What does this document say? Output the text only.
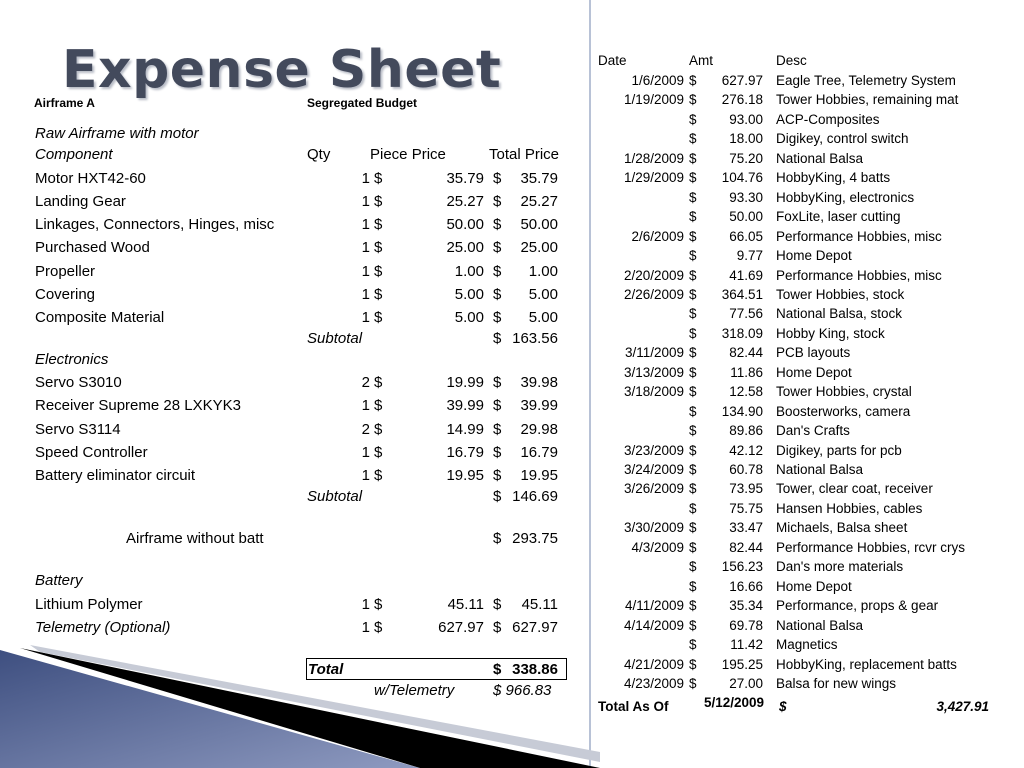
Expense Sheet
Airframe A	Segregated Budget
Raw Airframe with motor
Component	Qty	Piece Price	Total Price
Motor HXT42-60	1 $	35.79 $	35.79
Landing Gear	1 $	25.27 $	25.27
Linkages, Connectors, Hinges, misc	1 $	50.00 $	50.00
Purchased Wood	1 $	25.00 $	25.00
Propeller	1 $	1.00 $	1.00
Covering	1 $	5.00 $	5.00
Composite Material	1 $	5.00 $	5.00
Subtotal	$ 163.56
Electronics
Servo S3010	2 $	19.99 $	39.98
Receiver Supreme 28 LXKYK3	1 $	39.99 $	39.99
Servo S3114	2 $	14.99 $	29.98
Speed Controller	1 $	16.79 $	16.79
Battery eliminator circuit	1 $	19.95 $	19.95
Subtotal	$ 146.69
Airframe without batt	$ 293.75
Battery
Lithium Polymer	1 $	45.11 $	45.11
Telemetry (Optional)	1 $	627.97 $ 627.97
Total	$ 338.86
w/Telemetry	$ 966.83
Date	Amt	Desc
1/6/2009 $	627.97 Eagle Tree, Telemetry System
1/19/2009 $	276.18 Tower Hobbies, remaining mat
$	93.00 ACP-Composites
$	18.00 Digikey, control switch
1/28/2009 $	75.20 National Balsa
1/29/2009 $	104.76 HobbyKing, 4 batts
$	93.30 HobbyKing, electronics
$	50.00 FoxLite, laser cutting
2/6/2009 $	66.05 Performance Hobbies, misc
$	9.77 Home Depot
2/20/2009 $	41.69 Performance Hobbies, misc
2/26/2009 $	364.51 Tower Hobbies, stock
$	77.56 National Balsa, stock
$	318.09 Hobby King, stock
3/11/2009 $	82.44 PCB layouts
3/13/2009 $	11.86 Home Depot
3/18/2009 $	12.58 Tower Hobbies, crystal
$	134.90 Boosterworks, camera
$	89.86 Dan's Crafts
3/23/2009 $	42.12 Digikey, parts for pcb
3/24/2009 $	60.78 National Balsa
3/26/2009 $	73.95 Tower, clear coat, receiver
$	75.75 Hansen Hobbies, cables
3/30/2009 $	33.47 Michaels, Balsa sheet
4/3/2009 $	82.44 Performance Hobbies, rcvr crys
$	156.23 Dan's more materials
$	16.66 Home Depot
4/11/2009 $	35.34 Performance, props & gear
4/14/2009 $	69.78 National Balsa
$	11.42 Magnetics
4/21/2009 $	195.25 HobbyKing, replacement batts
4/23/2009 $	27.00 Balsa for new wings
Total As Of	5/12/2009 $	3,427.91
